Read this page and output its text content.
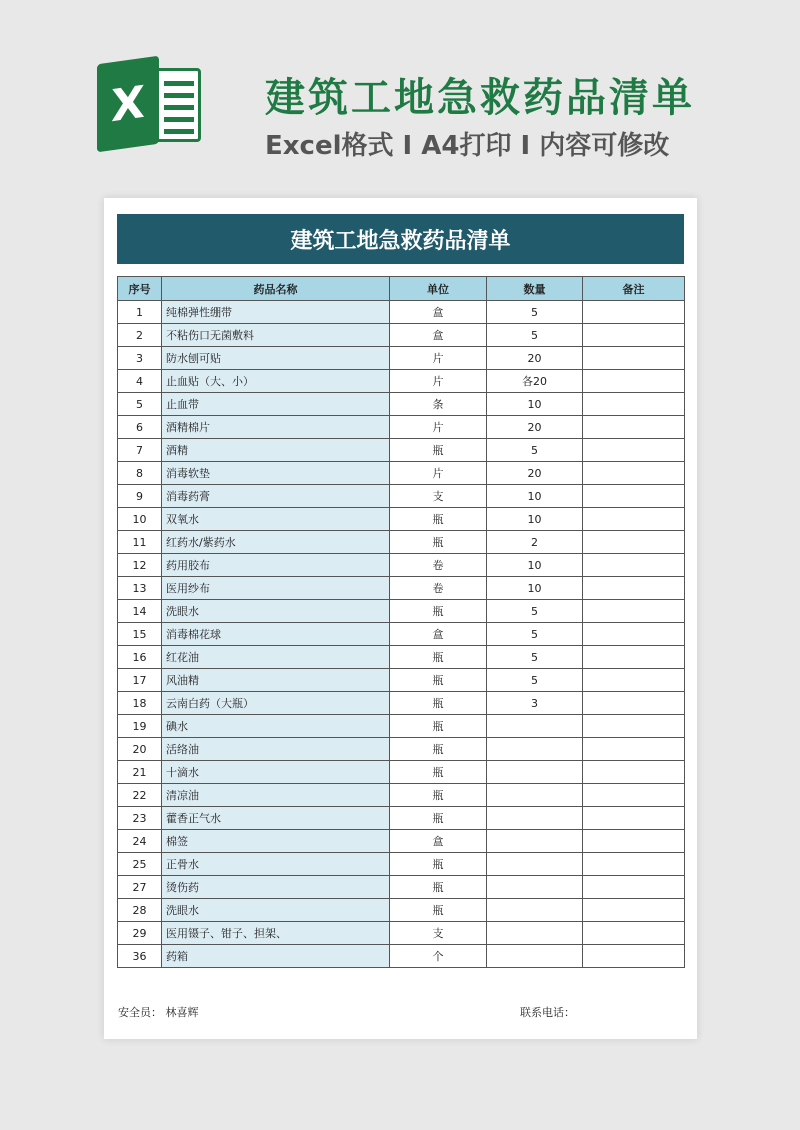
X	建筑工地急救药品清单
Excel格式 I A4打印 I 内容可修改
建筑工地急救药品清单
序号	药品名称	单位	数量	备注
1	纯棉弹性绷带	盒	5	
2	不粘伤口无菌敷料	盒	5	
3	防水刨可贴	片	20	
4	止血贴（大、小）	片	各20	
5	止血带	条	10	
6	酒精棉片	片	20	
7	酒精	瓶	5	
8	消毒软垫	片	20	
9	消毒药膏	支	10	
10	双氧水	瓶	10	
11	红药水/紫药水	瓶	2	
12	药用胶布	卷	10	
13	医用纱布	卷	10	
14	洗眼水	瓶	5	
15	消毒棉花球	盒	5	
16	红花油	瓶	5	
17	风油精	瓶	5	
18	云南白药（大瓶）	瓶	3	
19	碘水	瓶		
20	活络油	瓶		
21	十滴水	瓶		
22	清凉油	瓶		
23	藿香正气水	瓶		
24	棉签	盒		
25	正骨水	瓶		
27	烫伤药	瓶		
28	洗眼水	瓶		
29	医用镊子、钳子、担架、	支		
36	药箱	个		
安全员： 林喜辉	联系电话：
